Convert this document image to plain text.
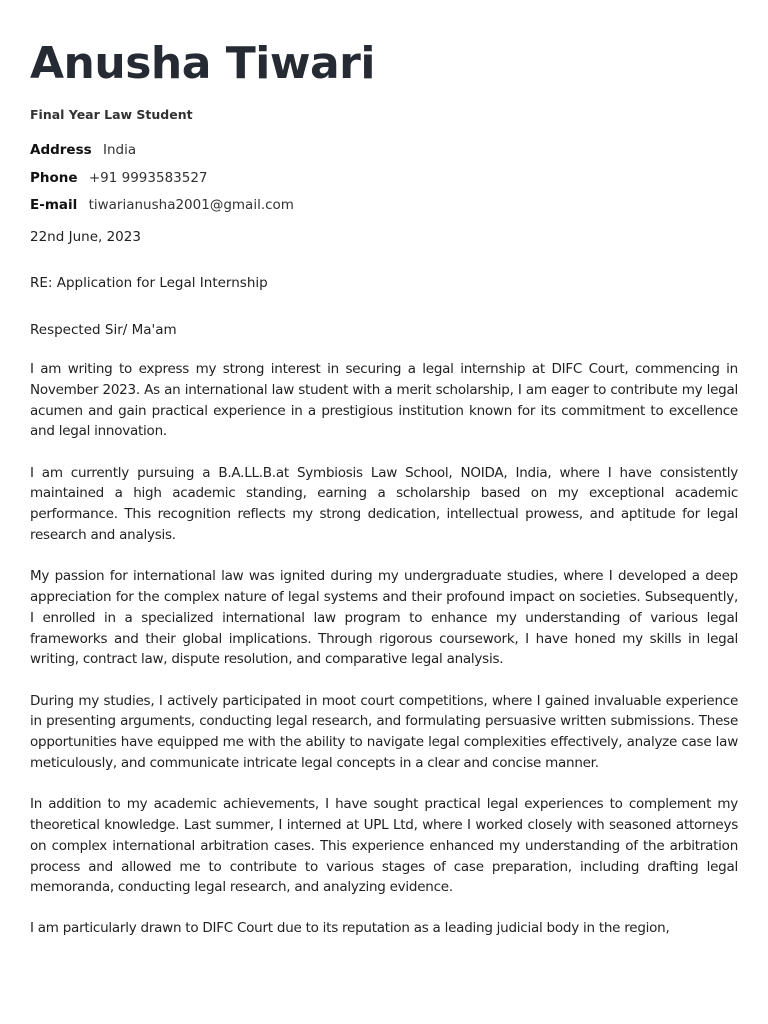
Anusha Tiwari
Final Year Law Student
Address India
Phone +91 9993583527
E-mail tiwarianusha2001@gmail.com
22nd June, 2023
RE: Application for Legal Internship
Respected Sir/ Ma'am

I am writing to express my strong interest in securing a legal internship at DIFC Court, commencing in November 2023. As an international law student with a merit scholarship, I am eager to contribute my legal acumen and gain practical experience in a prestigious institution known for its commitment to excellence and legal innovation.

I am currently pursuing a B.A.LL.B.at Symbiosis Law School, NOIDA, India, where I have consistently maintained a high academic standing, earning a scholarship based on my exceptional academic performance. This recognition reflects my strong dedication, intellectual prowess, and aptitude for legal research and analysis.

My passion for international law was ignited during my undergraduate studies, where I developed a deep appreciation for the complex nature of legal systems and their profound impact on societies. Subsequently, I enrolled in a specialized international law program to enhance my understanding of various legal frameworks and their global implications. Through rigorous coursework, I have honed my skills in legal writing, contract law, dispute resolution, and comparative legal analysis.

During my studies, I actively participated in moot court competitions, where I gained invaluable experience in presenting arguments, conducting legal research, and formulating persuasive written submissions. These opportunities have equipped me with the ability to navigate legal complexities effectively, analyze case law meticulously, and communicate intricate legal concepts in a clear and concise manner.

In addition to my academic achievements, I have sought practical legal experiences to complement my theoretical knowledge. Last summer, I interned at UPL Ltd, where I worked closely with seasoned attorneys on complex international arbitration cases. This experience enhanced my understanding of the arbitration process and allowed me to contribute to various stages of case preparation, including drafting legal memoranda, conducting legal research, and analyzing evidence.

I am particularly drawn to DIFC Court due to its reputation as a leading judicial body in the region,
